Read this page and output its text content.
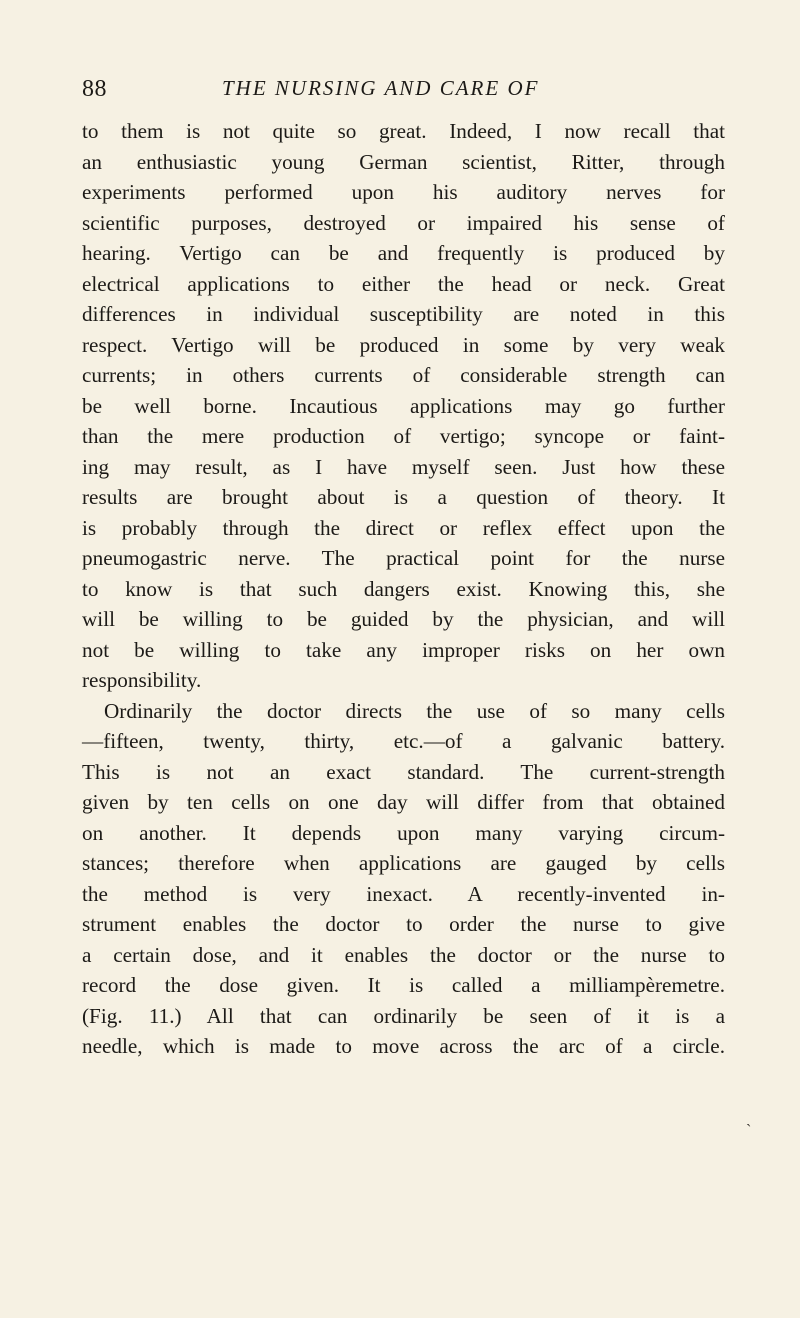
88	THE NURSING AND CARE OF
to them is not quite so great. Indeed, I now recall that
an enthusiastic young German scientist, Ritter, through
experiments performed upon his auditory nerves for
scientific purposes, destroyed or impaired his sense of
hearing. Vertigo can be and frequently is produced by
electrical applications to either the head or neck. Great
differences in individual susceptibility are noted in this
respect. Vertigo will be produced in some by very weak
currents; in others currents of considerable strength can
be well borne. Incautious applications may go further
than the mere production of vertigo; syncope or faint-
ing may result, as I have myself seen. Just how these
results are brought about is a question of theory. It
is probably through the direct or reflex effect upon the
pneumogastric nerve. The practical point for the nurse
to know is that such dangers exist. Knowing this, she
will be willing to be guided by the physician, and will
not be willing to take any improper risks on her own
responsibility.
Ordinarily the doctor directs the use of so many cells
—fifteen, twenty, thirty, etc.—of a galvanic battery.
This is not an exact standard. The current-strength
given by ten cells on one day will differ from that obtained
on another. It depends upon many varying circum-
stances; therefore when applications are gauged by cells
the method is very inexact. A recently-invented in-
strument enables the doctor to order the nurse to give
a certain dose, and it enables the doctor or the nurse to
record the dose given. It is called a milliampèremetre.
(Fig. 11.) All that can ordinarily be seen of it is a
needle, which is made to move across the arc of a circle.
`
